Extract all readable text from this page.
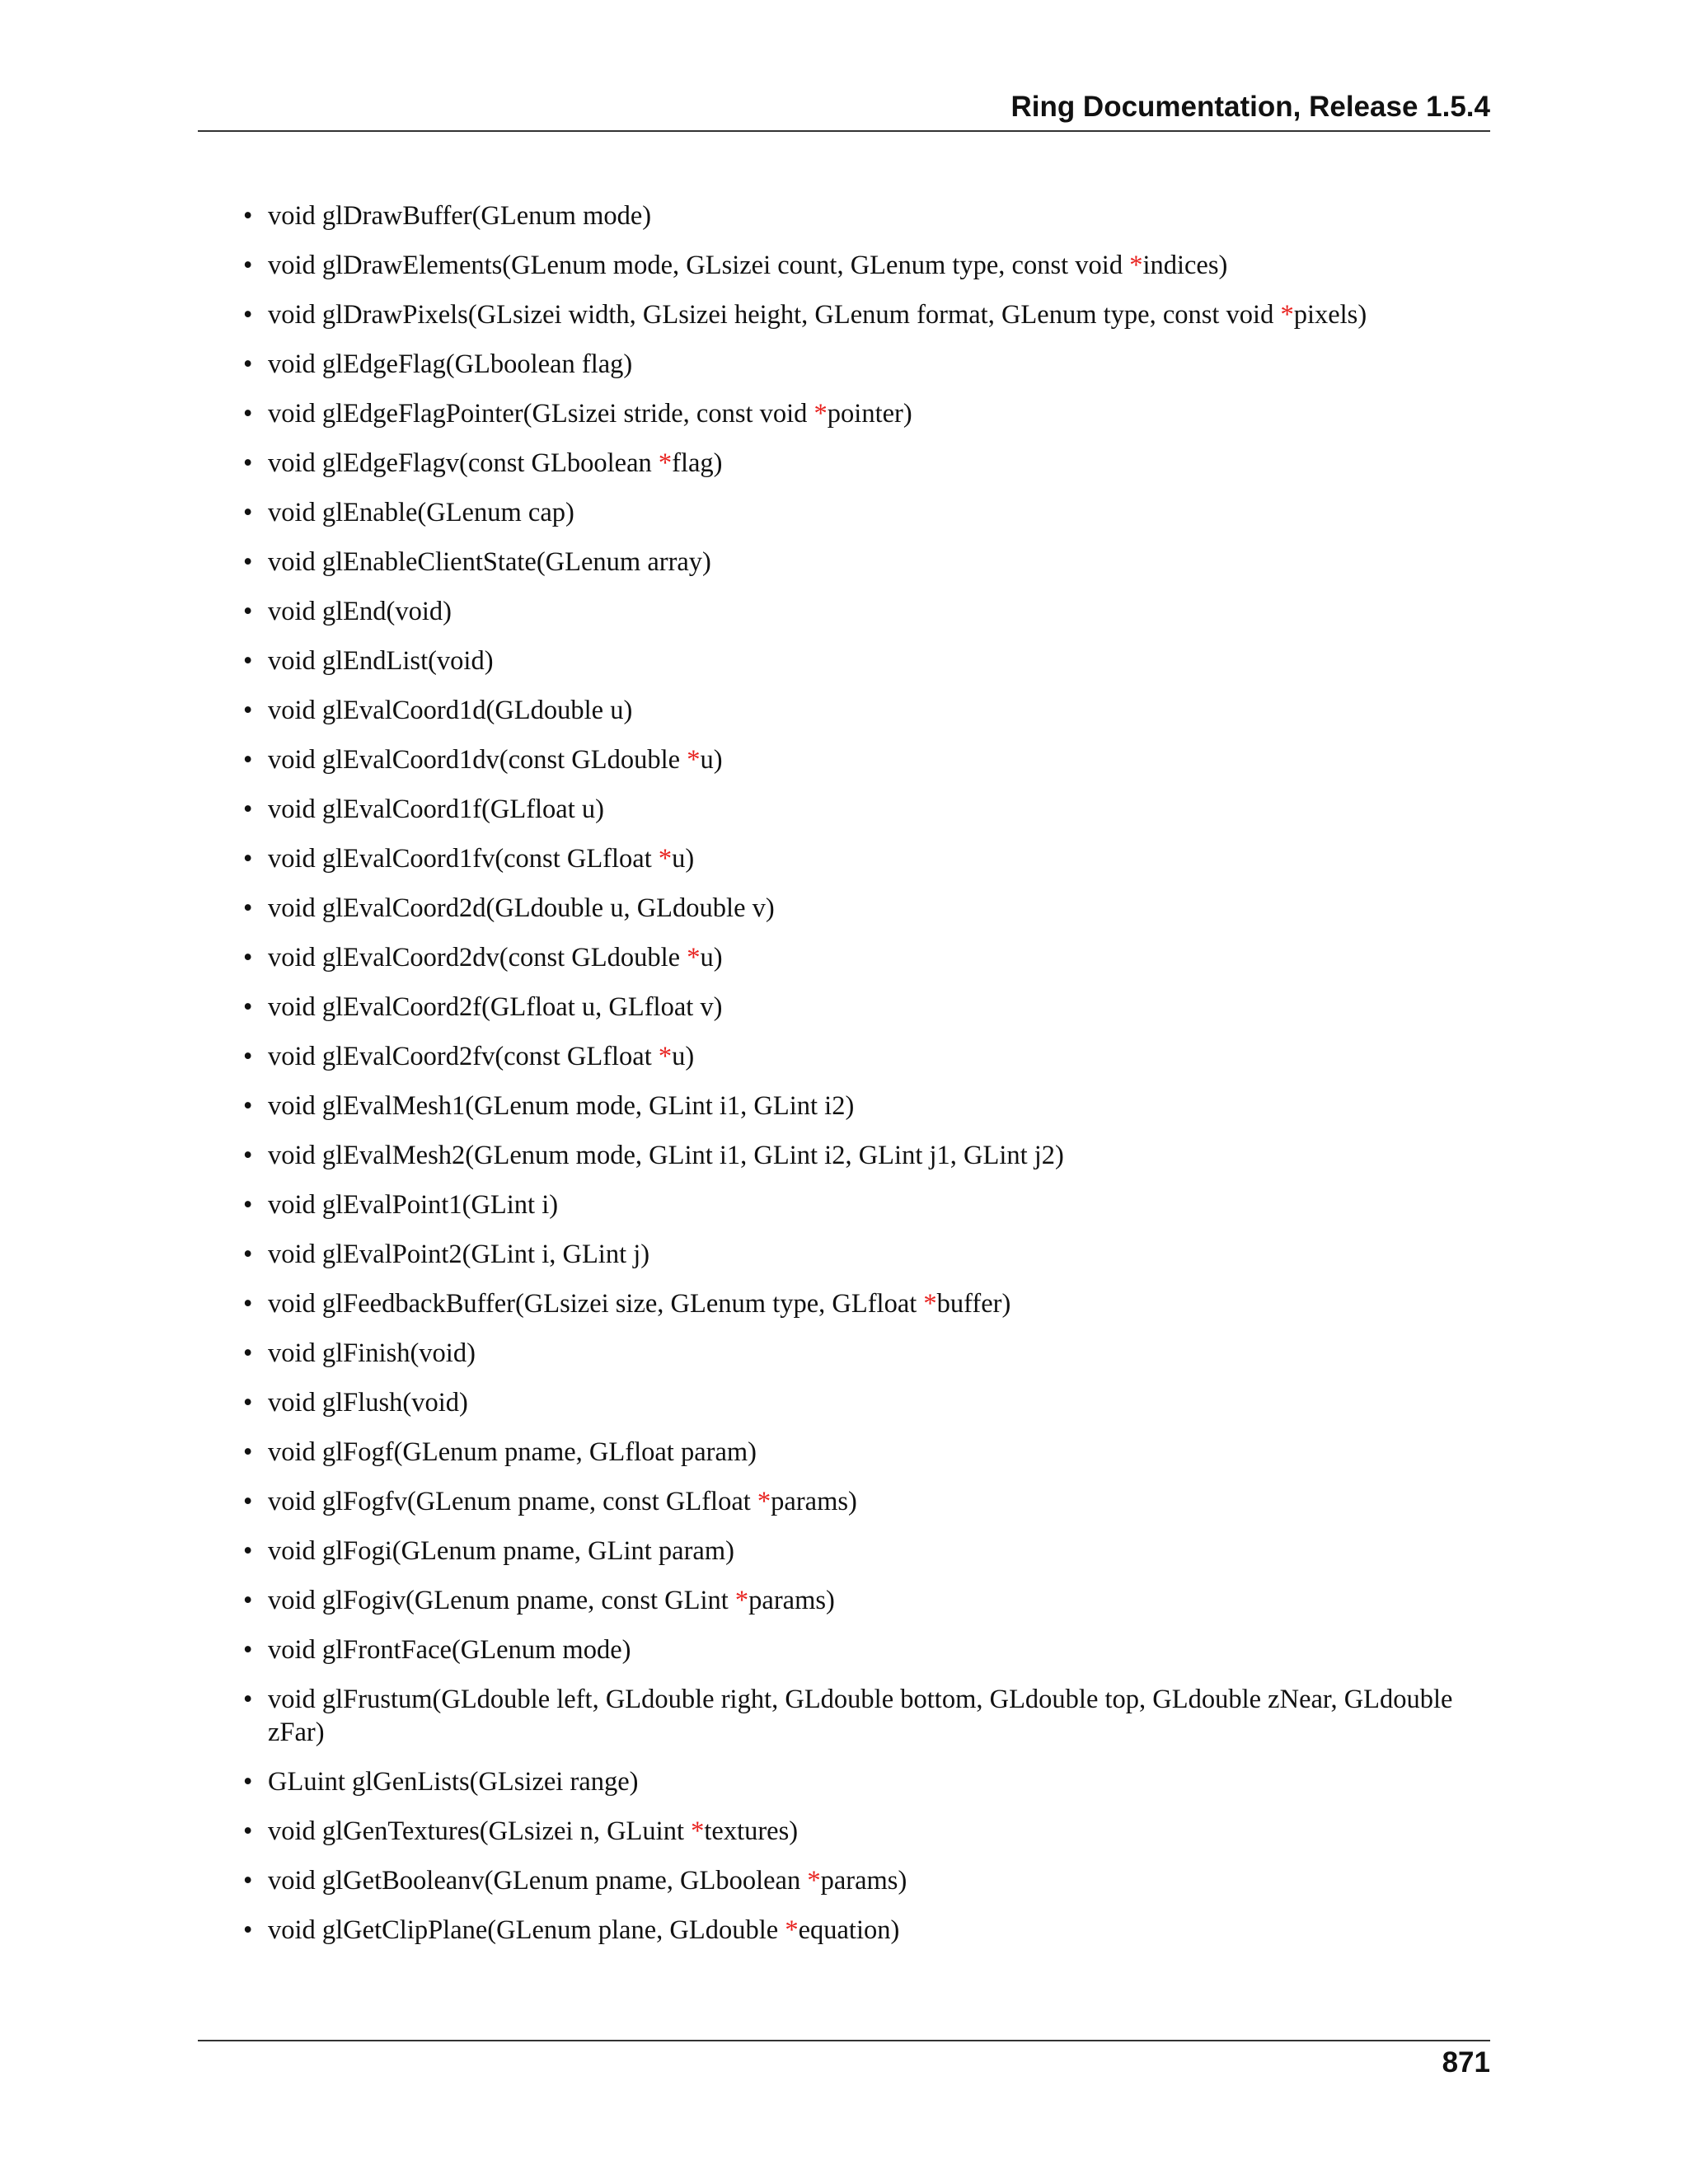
Ring Documentation, Release 1.5.4
• void glDrawBuffer(GLenum mode)
• void glDrawElements(GLenum mode, GLsizei count, GLenum type, const void *indices)
• void glDrawPixels(GLsizei width, GLsizei height, GLenum format, GLenum type, const void *pixels)
• void glEdgeFlag(GLboolean flag)
• void glEdgeFlagPointer(GLsizei stride, const void *pointer)
• void glEdgeFlagv(const GLboolean *flag)
• void glEnable(GLenum cap)
• void glEnableClientState(GLenum array)
• void glEnd(void)
• void glEndList(void)
• void glEvalCoord1d(GLdouble u)
• void glEvalCoord1dv(const GLdouble *u)
• void glEvalCoord1f(GLfloat u)
• void glEvalCoord1fv(const GLfloat *u)
• void glEvalCoord2d(GLdouble u, GLdouble v)
• void glEvalCoord2dv(const GLdouble *u)
• void glEvalCoord2f(GLfloat u, GLfloat v)
• void glEvalCoord2fv(const GLfloat *u)
• void glEvalMesh1(GLenum mode, GLint i1, GLint i2)
• void glEvalMesh2(GLenum mode, GLint i1, GLint i2, GLint j1, GLint j2)
• void glEvalPoint1(GLint i)
• void glEvalPoint2(GLint i, GLint j)
• void glFeedbackBuffer(GLsizei size, GLenum type, GLfloat *buffer)
• void glFinish(void)
• void glFlush(void)
• void glFogf(GLenum pname, GLfloat param)
• void glFogfv(GLenum pname, const GLfloat *params)
• void glFogi(GLenum pname, GLint param)
• void glFogiv(GLenum pname, const GLint *params)
• void glFrontFace(GLenum mode)
• void glFrustum(GLdouble left, GLdouble right, GLdouble bottom, GLdouble top, GLdouble zNear, GLdouble zFar)
• GLuint glGenLists(GLsizei range)
• void glGenTextures(GLsizei n, GLuint *textures)
• void glGetBooleanv(GLenum pname, GLboolean *params)
• void glGetClipPlane(GLenum plane, GLdouble *equation)
871
